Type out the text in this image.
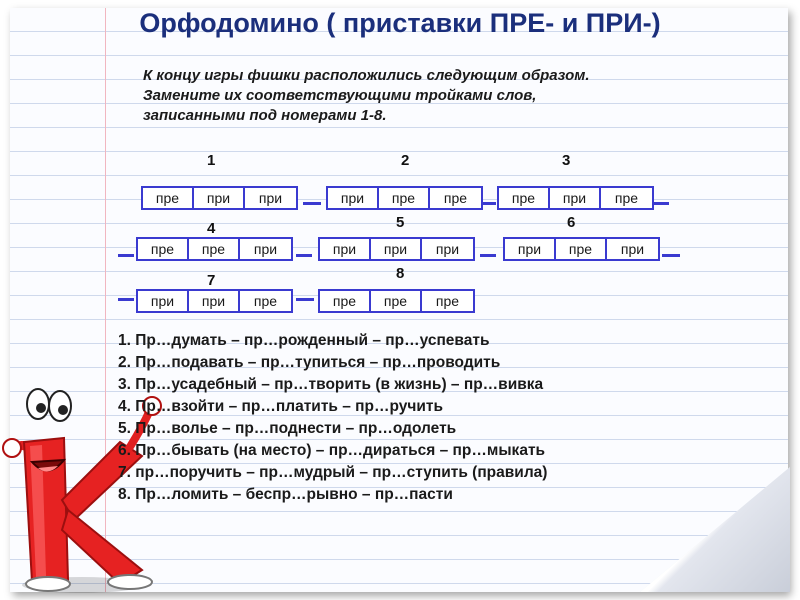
Орфодомино ( приставки ПРЕ- и ПРИ-)
К концу игры фишки расположились следующим образом.
Замените их соответствующими тройками слов,
записанными под номерами 1-8.
1	2	3
пре	при	при	при	пре	пре	пре	при	пре
4	5	6
пре	пре	при	при	при	при	при	пре	при
7	8
при	при	пре	пре	пре	пре
1. Пр…думать – пр…рожденный – пр…успевать
2. Пр…подавать – пр…тупиться – пр…проводить
3. Пр…усадебный – пр…творить (в жизнь) – пр…вивка
4. Пр…взойти – пр…платить – пр…ручить
5. Пр…волье – пр…поднести – пр…одолеть
6. Пр…бывать (на место) – пр…дираться – пр…мыкать
7. пр…поручить – пр…мудрый – пр…ступить (правила)
8. Пр…ломить – беспр…рывно – пр…пасти
